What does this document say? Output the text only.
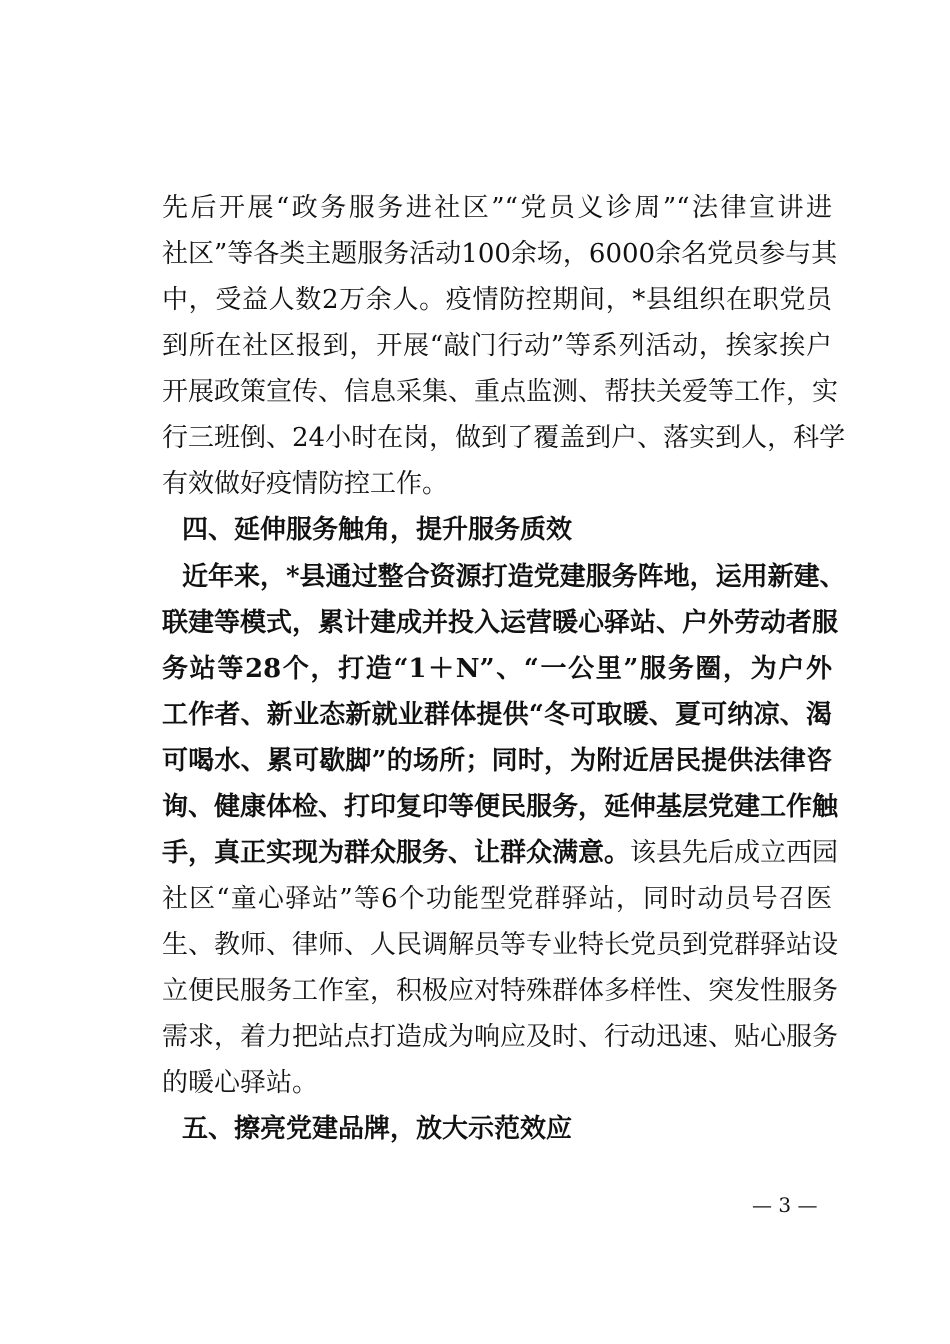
先后开展“政务服务进社区”“党员义诊周”“法律宣讲进
社区”等各类主题服务活动100余场，6000余名党员参与其
中，受益人数2万余人。疫情防控期间，*县组织在职党员
到所在社区报到，开展“敲门行动”等系列活动，挨家挨户
开展政策宣传、信息采集、重点监测、帮扶关爱等工作，实
行三班倒、24小时在岗，做到了覆盖到户、落实到人，科学
有效做好疫情防控工作。
四、延伸服务触角，提升服务质效
近年来，*县通过整合资源打造党建服务阵地，运用新建、
联建等模式，累计建成并投入运营暖心驿站、户外劳动者服
务站等28个，打造“1＋N”、“一公里”服务圈，为户外
工作者、新业态新就业群体提供“冬可取暖、夏可纳凉、渴
可喝水、累可歇脚”的场所；同时，为附近居民提供法律咨
询、健康体检、打印复印等便民服务，延伸基层党建工作触
手，真正实现为群众服务、让群众满意。该县先后成立西园
社区“童心驿站”等6个功能型党群驿站，同时动员号召医
生、教师、律师、人民调解员等专业特长党员到党群驿站设
立便民服务工作室，积极应对特殊群体多样性、突发性服务
需求，着力把站点打造成为响应及时、行动迅速、贴心服务
的暖心驿站。
五、擦亮党建品牌，放大示范效应
— 3 —
